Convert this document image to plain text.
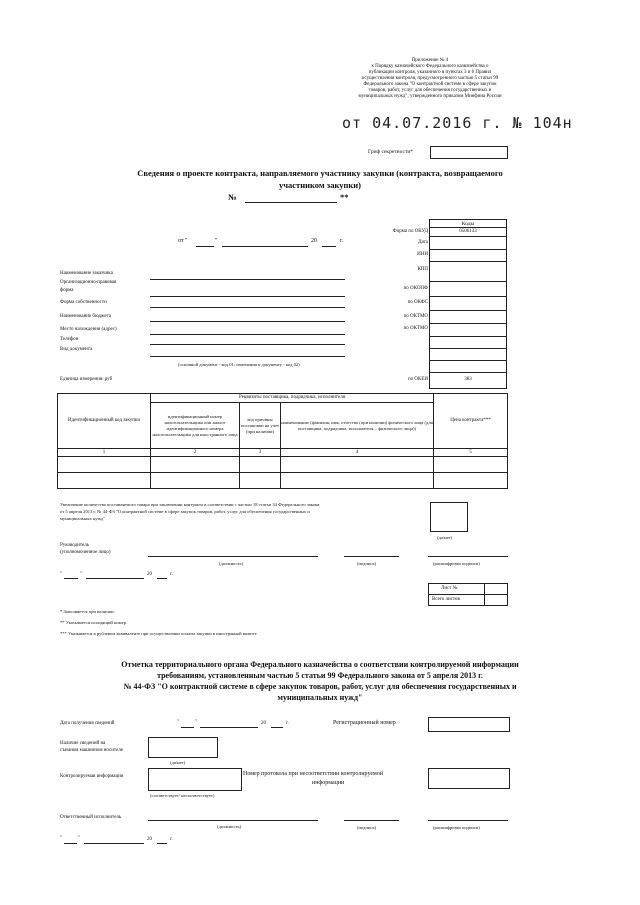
Приложение № 4
к Порядку казначейского Федерального казначейства о
публикации контроля, указанного в пунктах 3 и 6 Правил
осуществления контроля, предусмотренного частью 5 статьи 99
Федерального закона "О контрактной системе в сфере закупок
товаров, работ, услуг для обеспечения государственных и
муниципальных нужд", утвержденного приказом Минфина России
от 04.07.2016 г. № 104н
Гриф секретности*
Сведения о проекте контракта, направляемого участнику закупки (контракта, возвращаемого
участником закупки)
№	**
от "	"	20	г.
Коды
Форма по ОКУД	0506133
Дата
ИНН
КПП
по ОКОПФ
по ОКФС
по ОКТМО
по ОКТМО
по ОКЕИ	383
Наименование заказчика
Организационно-правовая
форма
Форма собственности
Наименование бюджета
Место нахождения (адрес)
Телефон
Вид документа
(основной документ - код 01; изменения к документу - код 02)
Единица измерения: руб
Идентификационный код закупки	Реквизиты поставщика, подрядчика, исполнителя			Цена контракта***
	идентификационный номер налогоплательщика или аналог идентификационного номера налогоплательщика для иностранного лица	код причины постановки на учет (при наличии)	наименование (фамилия, имя, отчество (при наличии) физического лица (для поставщика, подрядчика, исполнителя – физического лица))	
1	2	3	4	5

Увеличение количества поставляемого товара при заключении контракта в соответствии с частью 18 статьи 34 Федерального закона
от 5 апреля 2013 г. № 44-ФЗ "О контрактной системе в сфере закупок товаров, работ, услуг для обеспечения государственных и
муниципальных нужд"
(да/нет)
Руководитель
(уполномоченное лицо)
(должность)	(подпись)	(расшифровка подписи)
"	"	20	г.
Лист №	
Всего листов	
* Заполняется при наличии.
** Указывается исходящий номер.
*** Указывается в рублевом эквиваленте при осуществлении оплаты закупки в иностранной валюте
Отметка территориального органа Федерального казначейства о соответствии контролируемой информации
требованиям, установленным частью 5 статьи 99 Федерального закона от 5 апреля 2013 г.
№ 44-ФЗ "О контрактной системе в сфере закупок товаров, работ, услуг для обеспечения государственных и
муниципальных нужд"
Дата получения сведений	"	"	20	г.	Регистрационный номер
Наличие сведений на
съемном машинном носителе
(да/нет)
Контролируемая информация
(соответствует/ несоответствует)
Номер протокола при несоответствии контролируемой
информации
Ответственный исполнитель
(должность)	(подпись)	(расшифровка подписи)
"	"	20	г.
